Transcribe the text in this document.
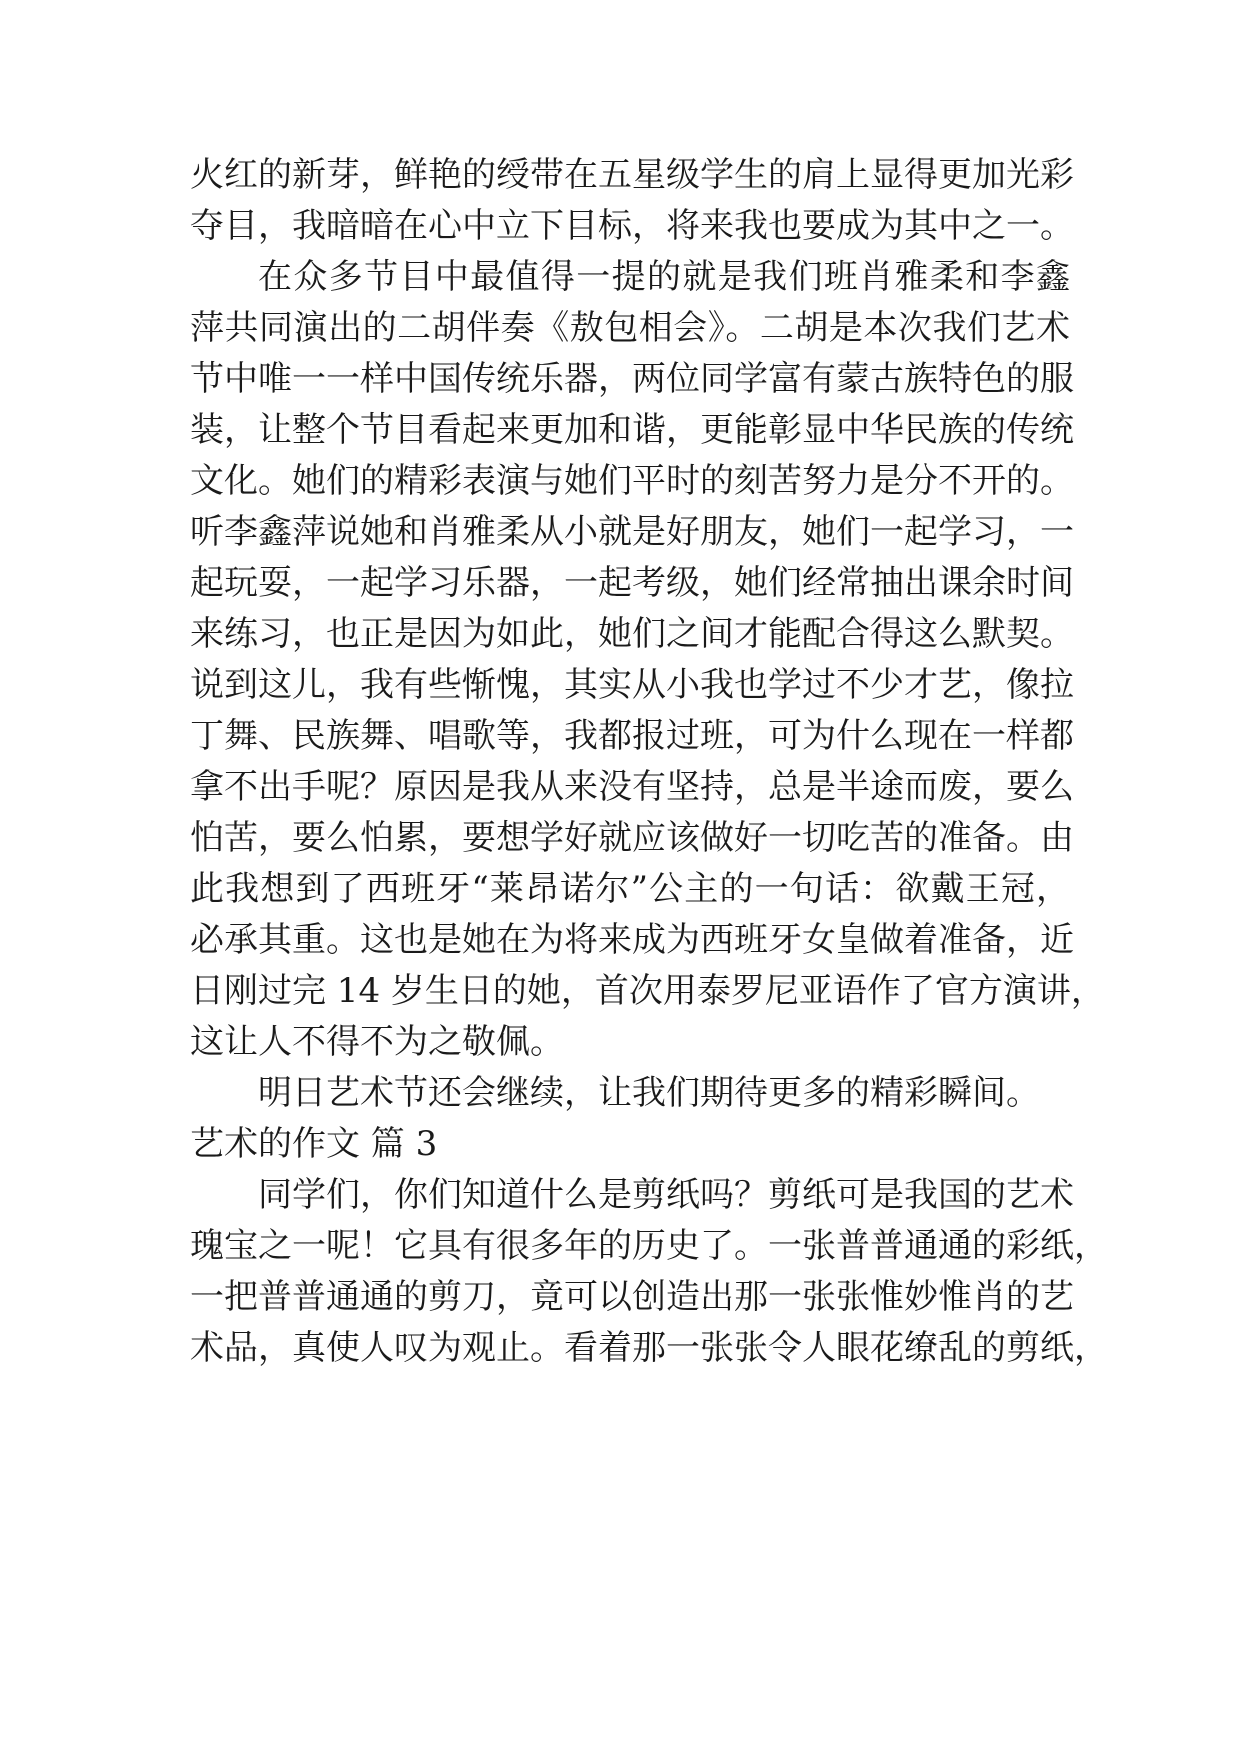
火红的新芽，鲜艳的绶带在五星级学生的肩上显得更加光彩
夺目，我暗暗在心中立下目标，将来我也要成为其中之一。
在众多节目中最值得一提的就是我们班肖雅柔和李鑫
萍共同演出的二胡伴奏《敖包相会》。二胡是本次我们艺术
节中唯一一样中国传统乐器，两位同学富有蒙古族特色的服
装，让整个节目看起来更加和谐，更能彰显中华民族的传统
文化。她们的精彩表演与她们平时的刻苦努力是分不开的。
听李鑫萍说她和肖雅柔从小就是好朋友，她们一起学习，一
起玩耍，一起学习乐器，一起考级，她们经常抽出课余时间
来练习，也正是因为如此，她们之间才能配合得这么默契。
说到这儿，我有些惭愧，其实从小我也学过不少才艺，像拉
丁舞、民族舞、唱歌等，我都报过班，可为什么现在一样都
拿不出手呢？原因是我从来没有坚持，总是半途而废，要么
怕苦，要么怕累，要想学好就应该做好一切吃苦的准备。由
此我想到了西班牙“莱昂诺尔”公主的一句话：欲戴王冠，
必承其重。这也是她在为将来成为西班牙女皇做着准备，近
日刚过完 14 岁生日的她，首次用泰罗尼亚语作了官方演讲，
这让人不得不为之敬佩。
明日艺术节还会继续，让我们期待更多的精彩瞬间。
艺术的作文 篇 3
同学们，你们知道什么是剪纸吗？剪纸可是我国的艺术
瑰宝之一呢！它具有很多年的历史了。一张普普通通的彩纸，
一把普普通通的剪刀，竟可以创造出那一张张惟妙惟肖的艺
术品，真使人叹为观止。看着那一张张令人眼花缭乱的剪纸，
